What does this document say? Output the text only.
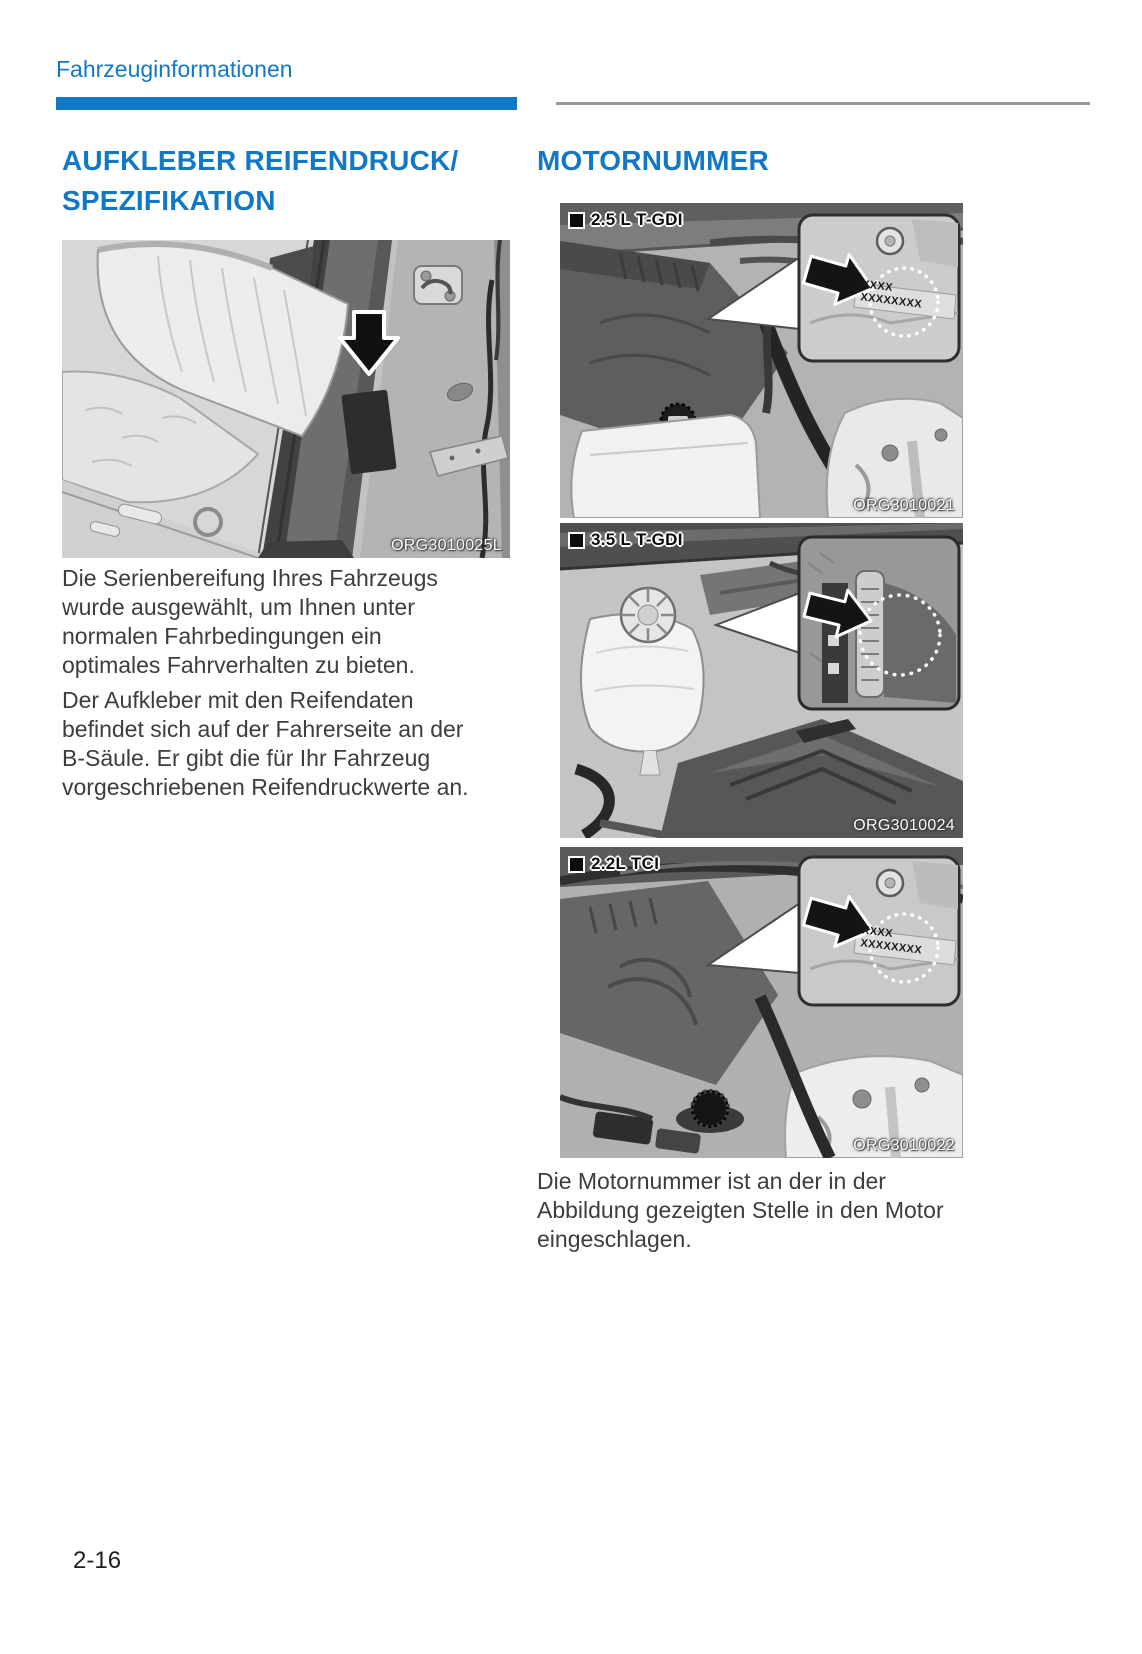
Fahrzeuginformationen
AUFKLEBER REIFENDRUCK/
SPEZIFIKATION
ORG3010025L
Die Serienbereifung Ihres Fahrzeugs
wurde ausgewählt, um Ihnen unter
normalen Fahrbedingungen ein
optimales Fahrverhalten zu bieten.
Der Aufkleber mit den Reifendaten
befindet sich auf der Fahrerseite an der
B-Säule. Er gibt die für Ihr Fahrzeug
vorgeschriebenen Reifendruckwerte an.
MOTORNUMMER
2.5 L T-GDI
XXXX
XXXXXXXX
ORG3010021
3.5 L T-GDI
ORG3010024
2.2L TCI
XXXX
XXXXXXXX
ORG3010022
Die Motornummer ist an der in der
Abbildung gezeigten Stelle in den Motor
eingeschlagen.
2-16
